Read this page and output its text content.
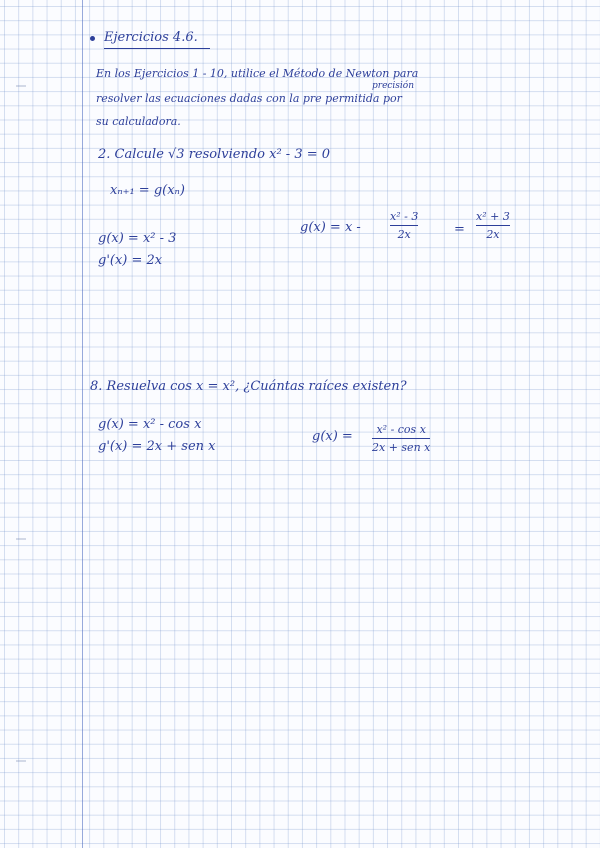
Ejercicios 4.6.
En los Ejercicios 1 - 10, utilice el Método de Newton para
precisión
resolver las ecuaciones dadas con la pre permitida por
su calculadora.
2. Calcule √3 resolviendo x² - 3 = 0
xₙ₊₁ = g(xₙ)
g(x) = x² - 3
g'(x) = 2x
g(x) = x -
x² - 3
2x	=
x² + 3
2x
8. Resuelva cos x = x², ¿Cuántas raíces existen?
g(x) = x² - cos x
g'(x) = 2x + sen x
g(x) = x² - cos x
2x + sen x
